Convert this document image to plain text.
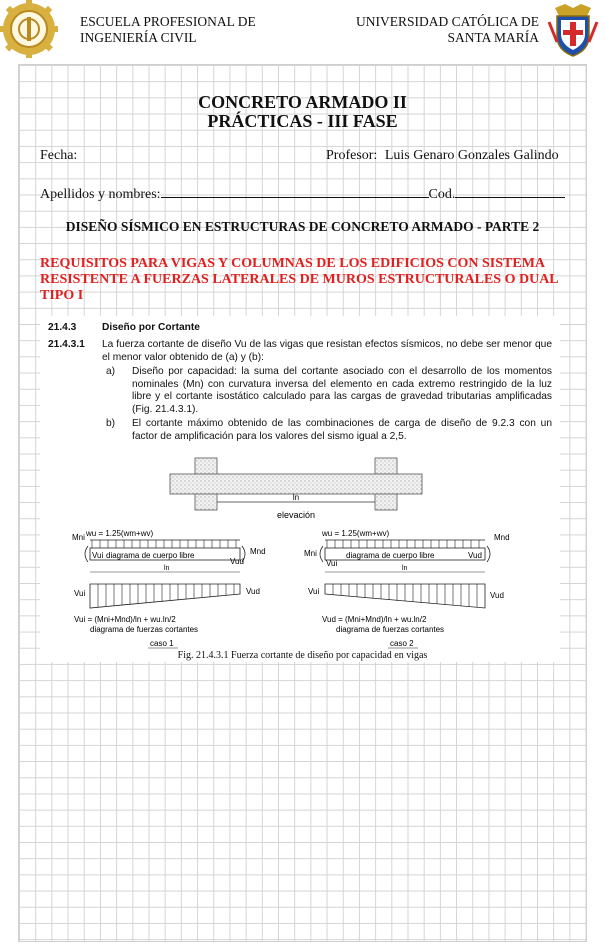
ESCUELA PROFESIONAL DE
INGENIERÍA CIVIL
UNIVERSIDAD CATÓLICA DE
SANTA MARÍA
CONCRETO ARMADO II
PRÁCTICAS - III FASE
Fecha:	Profesor: Luis Genaro Gonzales Galindo
Apellidos y nombres:	Cod.
DISEÑO SÍSMICO EN ESTRUCTURAS DE CONCRETO ARMADO - PARTE 2
REQUISITOS PARA VIGAS Y COLUMNAS DE LOS EDIFICIOS CON SISTEMA RESISTENTE A FUERZAS LATERALES DE MUROS ESTRUCTURALES O DUAL TIPO I
21.4.3	Diseño por Cortante
21.4.3.1 La fuerza cortante de diseño Vu de las vigas que resistan efectos sísmicos, no debe ser menor que el menor valor obtenido de (a) y (b):
a) Diseño por capacidad: la suma del cortante asociado con el desarrollo de los momentos nominales (Mn) con curvatura inversa del elemento en cada extremo restringido de la luz libre y el cortante isostático calculado para las cargas de gravedad tributarias amplificadas (Fig. 21.4.3.1).
b) El cortante máximo obtenido de las combinaciones de carga de diseño de 9.2.3 con un factor de amplificación para los valores del sismo igual a 2,5.
ln
elevación
Mni wu = 1.25(wm+wv)
Mnd
Vui diagrama de cuerpo libre
Vud
ln
Vui	Vud
Vui = (Mni+Mnd)/ln + wu.ln/2
diagrama de fuerzas cortantes
caso 1
wu = 1.25(wm+wv)	Mnd
Mni
Vui
diagrama de cuerpo libre	Vud
ln
Vui	Vud
Vud = (Mni+Mnd)/ln + wu.ln/2
diagrama de fuerzas cortantes
caso 2
Fig. 21.4.3.1 Fuerza cortante de diseño por capacidad en vigas
